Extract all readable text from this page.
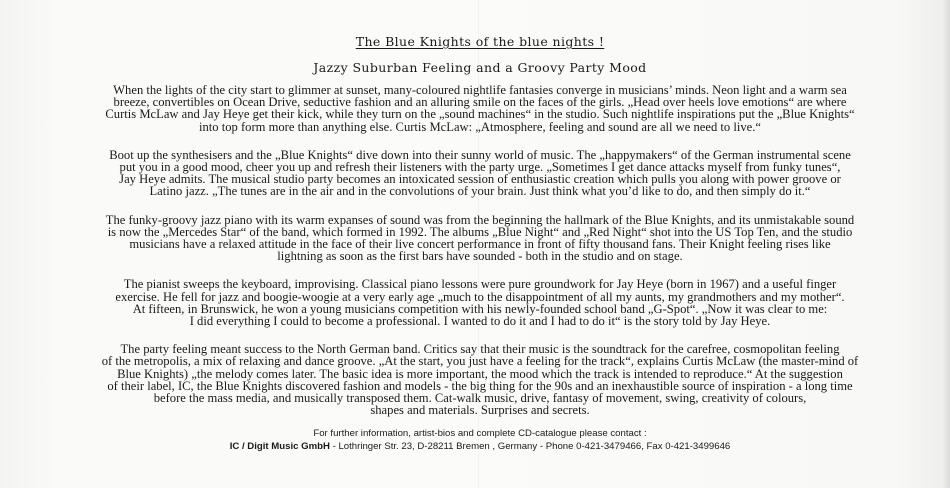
The Blue Knights of the blue nights !
Jazzy Suburban Feeling and a Groovy Party Mood
When the lights of the city start to glimmer at sunset, many-coloured nightlife fantasies converge in musicians’ minds. Neon light and a warm sea
breeze, convertibles on Ocean Drive, seductive fashion and an alluring smile on the faces of the girls. „Head over heels love emotions“ are where
Curtis McLaw and Jay Heye get their kick, while they turn on the „sound machines“ in the studio. Such nightlife inspirations put the „Blue Knights“
into top form more than anything else. Curtis McLaw: „Atmosphere, feeling and sound are all we need to live.“
Boot up the synthesisers and the „Blue Knights“ dive down into their sunny world of music. The „happymakers“ of the German instrumental scene
put you in a good mood, cheer you up and refresh their listeners with the party urge. „Sometimes I get dance attacks myself from funky tunes“,
Jay Heye admits. The musical studio party becomes an intoxicated session of enthusiastic creation which pulls you along with power groove or
Latino jazz. „The tunes are in the air and in the convolutions of your brain. Just think what you’d like to do, and then simply do it.“
The funky-groovy jazz piano with its warm expanses of sound was from the beginning the hallmark of the Blue Knights, and its unmistakable sound
is now the „Mercedes Star“ of the band, which formed in 1992. The albums „Blue Night“ and „Red Night“ shot into the US Top Ten, and the studio
musicians have a relaxed attitude in the face of their live concert performance in front of fifty thousand fans. Their Knight feeling rises like
lightning as soon as the first bars have sounded - both in the studio and on stage.
The pianist sweeps the keyboard, improvising. Classical piano lessons were pure groundwork for Jay Heye (born in 1967) and a useful finger
exercise. He fell for jazz and boogie-woogie at a very early age „much to the disappointment of all my aunts, my grandmothers and my mother“.
At fifteen, in Brunswick, he won a young musicians competition with his newly-founded school band „G-Spot“. „Now it was clear to me:
I did everything I could to become a professional. I wanted to do it and I had to do it“ is the story told by Jay Heye.
The party feeling meant success to the North German band. Critics say that their music is the soundtrack for the carefree, cosmopolitan feeling
of the metropolis, a mix of relaxing and dance groove. „At the start, you just have a feeling for the track“, explains Curtis McLaw (the master-mind of
Blue Knights) „the melody comes later. The basic idea is more important, the mood which the track is intended to reproduce.“ At the suggestion
of their label, IC, the Blue Knights discovered fashion and models - the big thing for the 90s and an inexhaustible source of inspiration - a long time
before the mass media, and musically transposed them. Cat-walk music, drive, fantasy of movement, swing, creativity of colours,
shapes and materials. Surprises and secrets.
For further information, artist-bios and complete CD-catalogue please contact :
IC / Digit Music GmbH - Lothringer Str. 23, D-28211 Bremen , Germany - Phone 0-421-3479466, Fax 0-421-3499646
